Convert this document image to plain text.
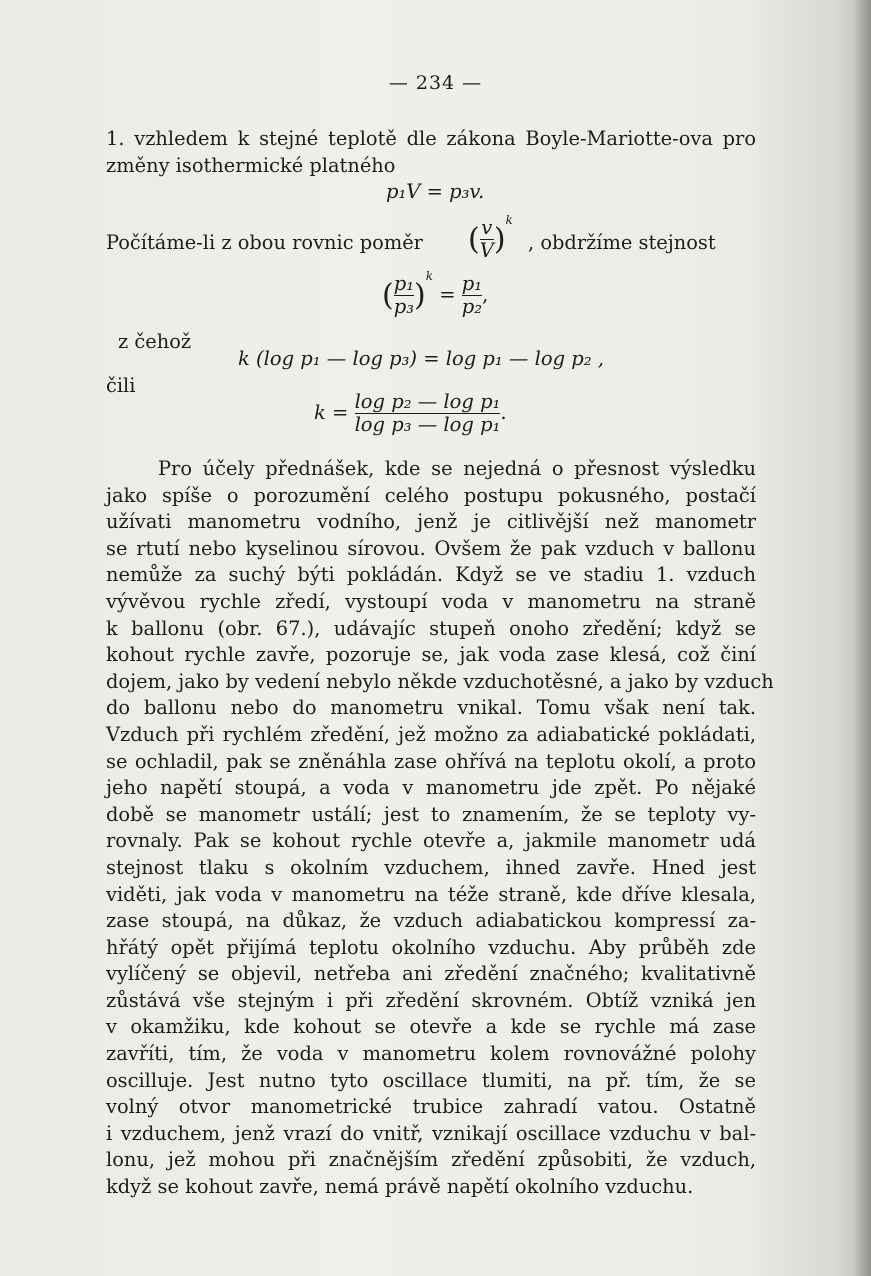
— 234 —
1. vzhledem k stejné teplotě dle zákona Boyle-Mariotte-ova pro
změny isothermické platného
p₁V = p₃v.
Počítáme-li z obou rovnic poměr ( $\frac{v}{V} )^k$
, obdržíme stejnost
( $\frac{\text{p₁}}{\text{p₃}} )^k = \frac{\text{p₁}}{\text{p₂}}$ ,
z čehož
k (log p₁ — log p₃) = log p₁ — log p₂ ,
čili
$k = \frac{\text{log p₂ — log p₁}}{\text{log p₃ — log p₁}}$ .
Pro účely přednášek, kde se nejedná o přesnost výsledku
jako spíše o porozumění celého postupu pokusného, postačí
užívati manometru vodního, jenž je citlivější než manometr
se rtutí nebo kyselinou sírovou. Ovšem že pak vzduch v ballonu
nemůže za suchý býti pokládán. Když se ve stadiu 1. vzduch
vývěvou rychle zředí, vystoupí voda v manometru na straně
k ballonu (obr. 67.), udávajíc stupeň onoho zředění; když se
kohout rychle zavře, pozoruje se, jak voda zase klesá, což činí
dojem, jako by vedení nebylo někde vzduchotěsné, a jako by vzduch
do ballonu nebo do manometru vnikal. Tomu však není tak.
Vzduch při rychlém zředění, jež možno za adiabatické pokládati,
se ochladil, pak se zněnáhla zase ohřívá na teplotu okolí, a proto
jeho napětí stoupá, a voda v manometru jde zpět. Po nějaké
době se manometr ustálí; jest to znamením, že se teploty vy-
rovnaly. Pak se kohout rychle otevře a, jakmile manometr udá
stejnost tlaku s okolním vzduchem, ihned zavře. Hned jest
viděti, jak voda v manometru na téže straně, kde dříve klesala,
zase stoupá, na důkaz, že vzduch adiabatickou kompressí za-
hřátý opět přijímá teplotu okolního vzduchu. Aby průběh zde
vylíčený se objevil, netřeba ani zředění značného; kvalitativně
zůstává vše stejným i při zředění skrovném. Obtíž vzniká jen
v okamžiku, kde kohout se otevře a kde se rychle má zase
zavříti, tím, že voda v manometru kolem rovnovážné polohy
oscilluje. Jest nutno tyto oscillace tlumiti, na př. tím, že se
volný otvor manometrické trubice zahradí vatou. Ostatně
i vzduchem, jenž vrazí do vnitř, vznikají oscillace vzduchu v bal-
lonu, jež mohou při značnějším zředění způsobiti, že vzduch,
když se kohout zavře, nemá právě napětí okolního vzduchu.
